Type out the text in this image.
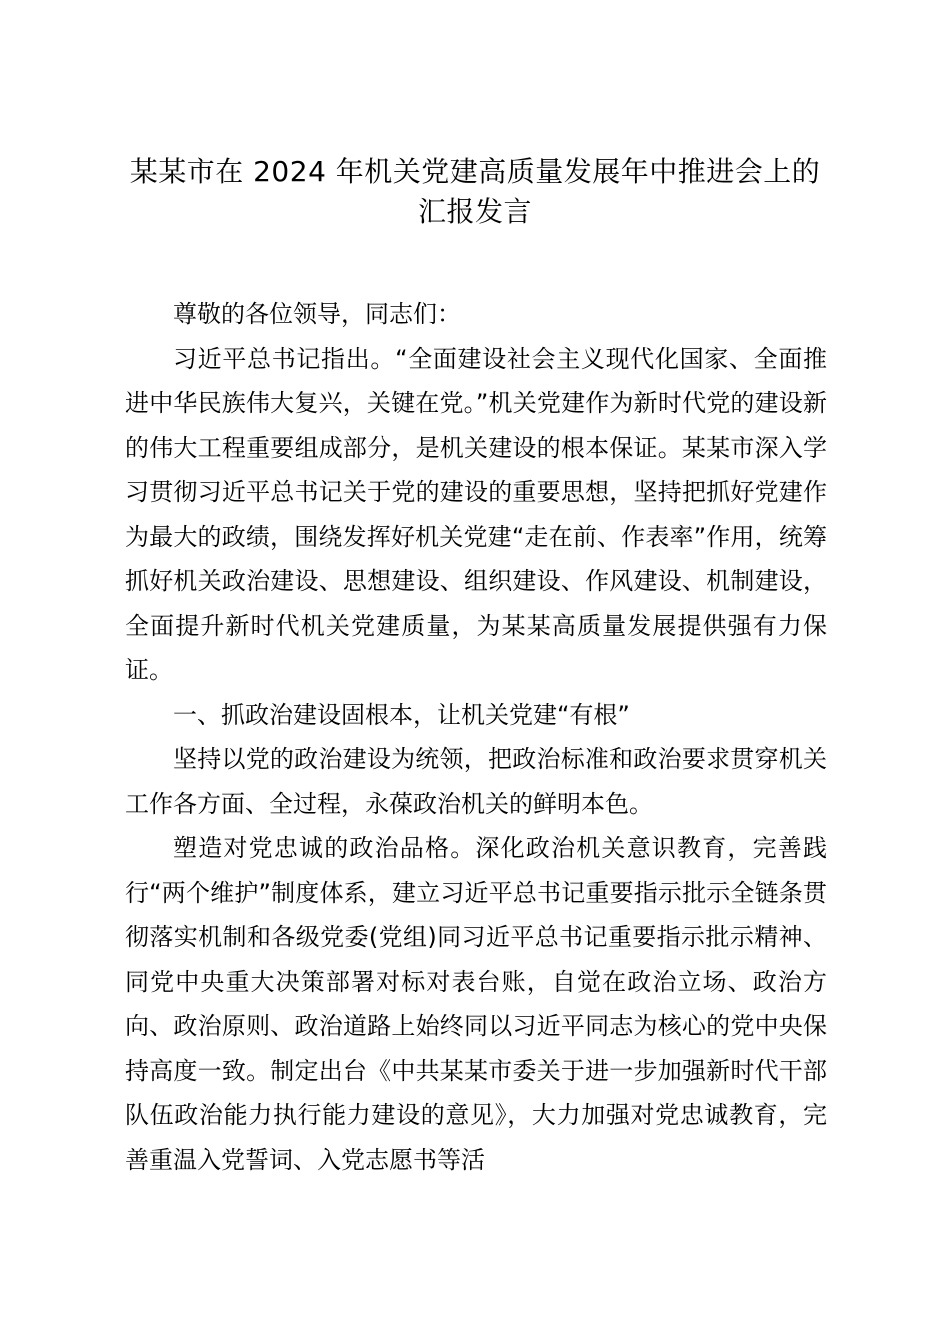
某某市在 2024 年机关党建高质量发展年中推进会上的
汇报发言

尊敬的各位领导，同志们：

习近平总书记指出。“全面建设社会主义现代化国家、全面推进中华民族伟大复兴，关键在党。”机关党建作为新时代党的建设新的伟大工程重要组成部分，是机关建设的根本保证。某某市深入学习贯彻习近平总书记关于党的建设的重要思想，坚持把抓好党建作为最大的政绩，围绕发挥好机关党建“走在前、作表率”作用，统筹抓好机关政治建设、思想建设、组织建设、作风建设、机制建设，全面提升新时代机关党建质量，为某某高质量发展提供强有力保证。

一、抓政治建设固根本，让机关党建“有根”

坚持以党的政治建设为统领，把政治标准和政治要求贯穿机关工作各方面、全过程，永葆政治机关的鲜明本色。

塑造对党忠诚的政治品格。深化政治机关意识教育，完善践行“两个维护”制度体系，建立习近平总书记重要指示批示全链条贯彻落实机制和各级党委(党组)同习近平总书记重要指示批示精神、同党中央重大决策部署对标对表台账，自觉在政治立场、政治方向、政治原则、政治道路上始终同以习近平同志为核心的党中央保持高度一致。制定出台《中共某某市委关于进一步加强新时代干部队伍政治能力执行能力建设的意见》，大力加强对党忠诚教育，完善重温入党誓词、入党志愿书等活
